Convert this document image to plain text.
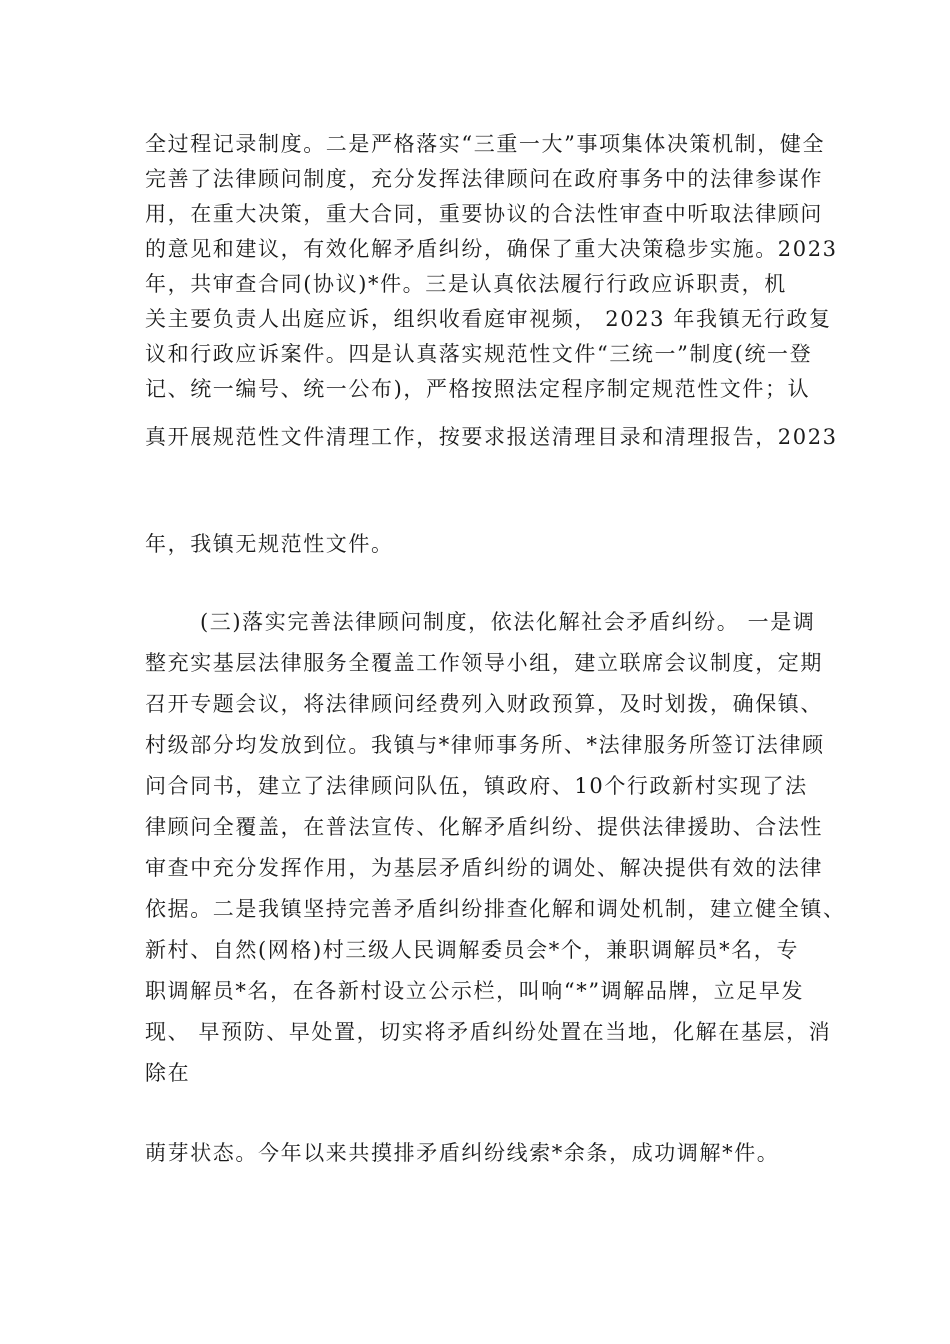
全过程记录制度。二是严格落实“三重一大”事项集体决策机制，健全
完善了法律顾问制度，充分发挥法律顾问在政府事务中的法律参谋作
用，在重大决策，重大合同，重要协议的合法性审查中听取法律顾问
的意见和建议，有效化解矛盾纠纷，确保了重大决策稳步实施。2023
年，共审查合同(协议)*件。三是认真依法履行行政应诉职责，机
关主要负责人出庭应诉，组织收看庭审视频， 2023 年我镇无行政复
议和行政应诉案件。四是认真落实规范性文件“三统一”制度(统一登
记、统一编号、统一公布)，严格按照法定程序制定规范性文件；认
真开展规范性文件清理工作，按要求报送清理目录和清理报告，2023
年，我镇无规范性文件。
(三)落实完善法律顾问制度，依法化解社会矛盾纠纷。 一是调
整充实基层法律服务全覆盖工作领导小组，建立联席会议制度，定期
召开专题会议，将法律顾问经费列入财政预算，及时划拨，确保镇、
村级部分均发放到位。我镇与*律师事务所、*法律服务所签订法律顾
问合同书，建立了法律顾问队伍，镇政府、10个行政新村实现了法
律顾问全覆盖，在普法宣传、化解矛盾纠纷、提供法律援助、合法性
审查中充分发挥作用，为基层矛盾纠纷的调处、解决提供有效的法律
依据。二是我镇坚持完善矛盾纠纷排查化解和调处机制，建立健全镇、
新村、自然(网格)村三级人民调解委员会*个，兼职调解员*名，专
职调解员*名，在各新村设立公示栏，叫响“*”调解品牌，立足早发
现、 早预防、早处置，切实将矛盾纠纷处置在当地，化解在基层，消
除在
萌芽状态。今年以来共摸排矛盾纠纷线索*余条，成功调解*件。
